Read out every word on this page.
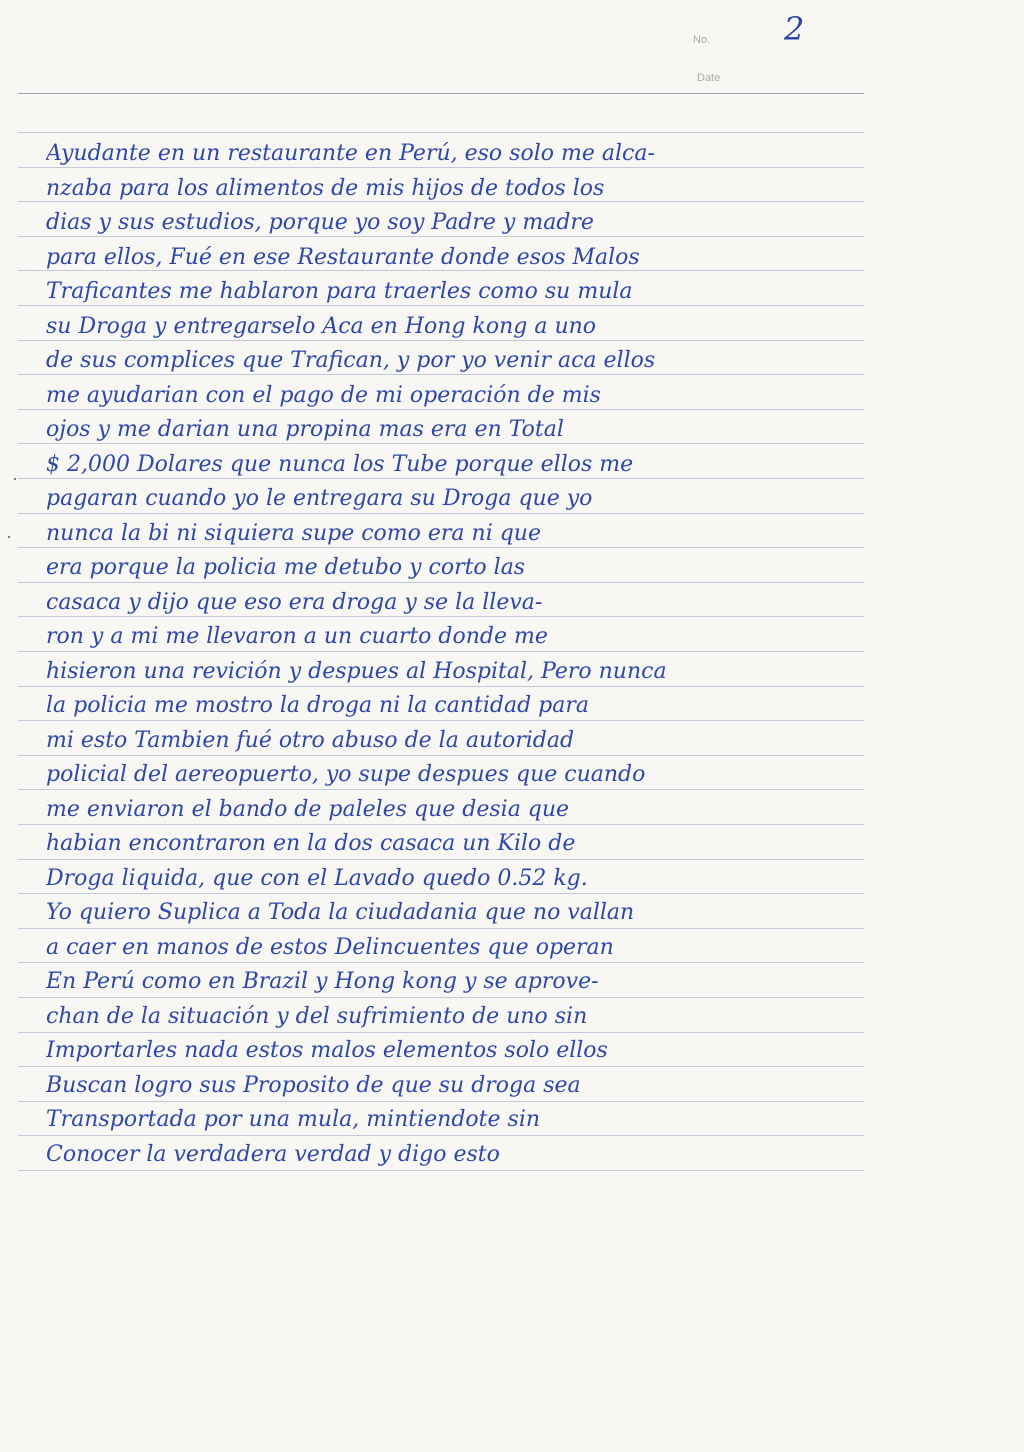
No.
Date
2
Ayudante en un restaurante en Perú, eso solo me alca-
nzaba para los alimentos de mis hijos de todos los
dias y sus estudios, porque yo soy Padre y madre
para ellos, Fué en ese Restaurante donde esos Malos
Traficantes me hablaron para traerles como su mula
su Droga y entregarselo Aca en Hong kong a uno
de sus complices que Trafican, y por yo venir aca ellos
me ayudarian con el pago de mi operación de mis
ojos y me darian una propina mas era en Total
$ 2,000 Dolares que nunca los Tube porque ellos me
pagaran cuando yo le entregara su Droga que yo
nunca la bi ni siquiera supe como era ni que
era porque la policia me detubo y corto las
casaca y dijo que eso era droga y se la lleva-
ron y a mi me llevaron a un cuarto donde me
hisieron una revición y despues al Hospital, Pero nunca
la policia me mostro la droga ni la cantidad para
mi esto Tambien fué otro abuso de la autoridad
policial del aereopuerto, yo supe despues que cuando
me enviaron el bando de paleles que desia que
habian encontraron en la dos casaca un Kilo de
Droga liquida, que con el Lavado quedo 0.52 kg.
Yo quiero Suplica a Toda la ciudadania que no vallan
a caer en manos de estos Delincuentes que operan
En Perú como en Brazil y Hong kong y se aprove-
chan de la situación y del sufrimiento de uno sin
Importarles nada estos malos elementos solo ellos
Buscan logro sus Proposito de que su droga sea
Transportada por una mula, mintiendote sin
Conocer la verdadera verdad y digo esto
